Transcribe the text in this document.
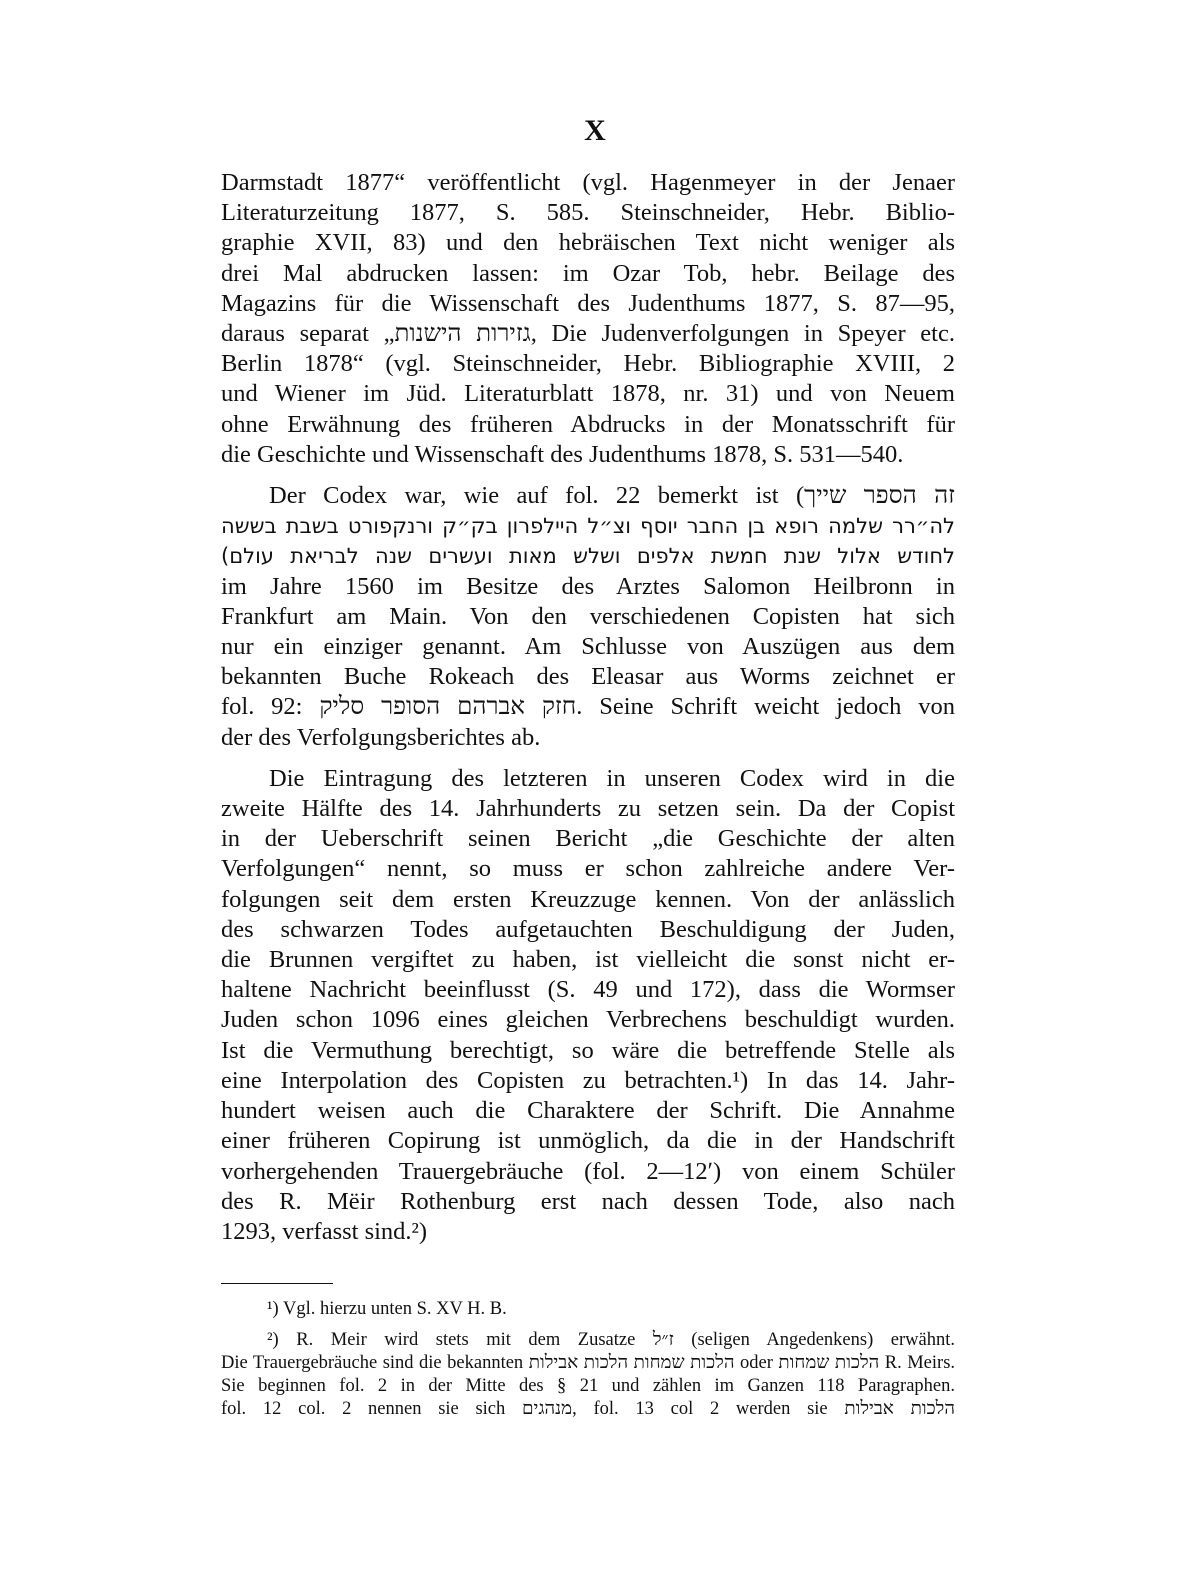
X

Darmstadt 1877“ veröffentlicht (vgl. Hagenmeyer in der Jenaer
Literaturzeitung 1877, S. 585. Steinschneider, Hebr. Biblio-
graphie XVII, 83) und den hebräischen Text nicht weniger als
drei Mal abdrucken lassen: im Ozar Tob, hebr. Beilage des
Magazins für die Wissenschaft des Judenthums 1877, S. 87—95,
daraus separat „גזירות הישנות, Die Judenverfolgungen in Speyer etc.
Berlin 1878“ (vgl. Steinschneider, Hebr. Bibliographie XVIII, 2
und Wiener im Jüd. Literaturblatt 1878, nr. 31) und von Neuem
ohne Erwähnung des früheren Abdrucks in der Monatsschrift für
die Geschichte und Wissenschaft des Judenthums 1878, S. 531—540.

Der Codex war, wie auf fol. 22 bemerkt ist (זה הספר שייך
לה״רר שלמה רופא בן החבר יוסף וצ״ל היילפרון בק״ק ורנקפורט בשבת בששה
לחודש אלול שנת חמשת אלפים ושלש מאות ועשרים שנה לבריאת עולם)
im Jahre 1560 im Besitze des Arztes Salomon Heilbronn in
Frankfurt am Main. Von den verschiedenen Copisten hat sich
nur ein einziger genannt. Am Schlusse von Auszügen aus dem
bekannten Buche Rokeach des Eleasar aus Worms zeichnet er
fol. 92: חזק אברהם הסופר סליק. Seine Schrift weicht jedoch von
der des Verfolgungsberichtes ab.

Die Eintragung des letzteren in unseren Codex wird in die
zweite Hälfte des 14. Jahrhunderts zu setzen sein. Da der Copist
in der Ueberschrift seinen Bericht „die Geschichte der alten
Verfolgungen“ nennt, so muss er schon zahlreiche andere Ver-
folgungen seit dem ersten Kreuzzuge kennen. Von der anlässlich
des schwarzen Todes aufgetauchten Beschuldigung der Juden,
die Brunnen vergiftet zu haben, ist vielleicht die sonst nicht er-
haltene Nachricht beeinflusst (S. 49 und 172), dass die Wormser
Juden schon 1096 eines gleichen Verbrechens beschuldigt wurden.
Ist die Vermuthung berechtigt, so wäre die betreffende Stelle als
eine Interpolation des Copisten zu betrachten.¹) In das 14. Jahr-
hundert weisen auch die Charaktere der Schrift. Die Annahme
einer früheren Copirung ist unmöglich, da die in der Handschrift
vorhergehenden Trauergebräuche (fol. 2—12ʹ) von einem Schüler
des R. Mëir Rothenburg erst nach dessen Tode, also nach
1293, verfasst sind.²)

¹) Vgl. hierzu unten S. XV H. B.

²) R. Meir wird stets mit dem Zusatze ז״ל (seligen Angedenkens) erwähnt.
Die Trauergebräuche sind die bekannten הלכות שמחות הלכות אבילות oder הלכות שמחות R. Meirs.
Sie beginnen fol. 2 in der Mitte des § 21 und zählen im Ganzen 118 Paragraphen.
fol. 12 col. 2 nennen sie sich מנהגים, fol. 13 col 2 werden sie הלכות אבילות
